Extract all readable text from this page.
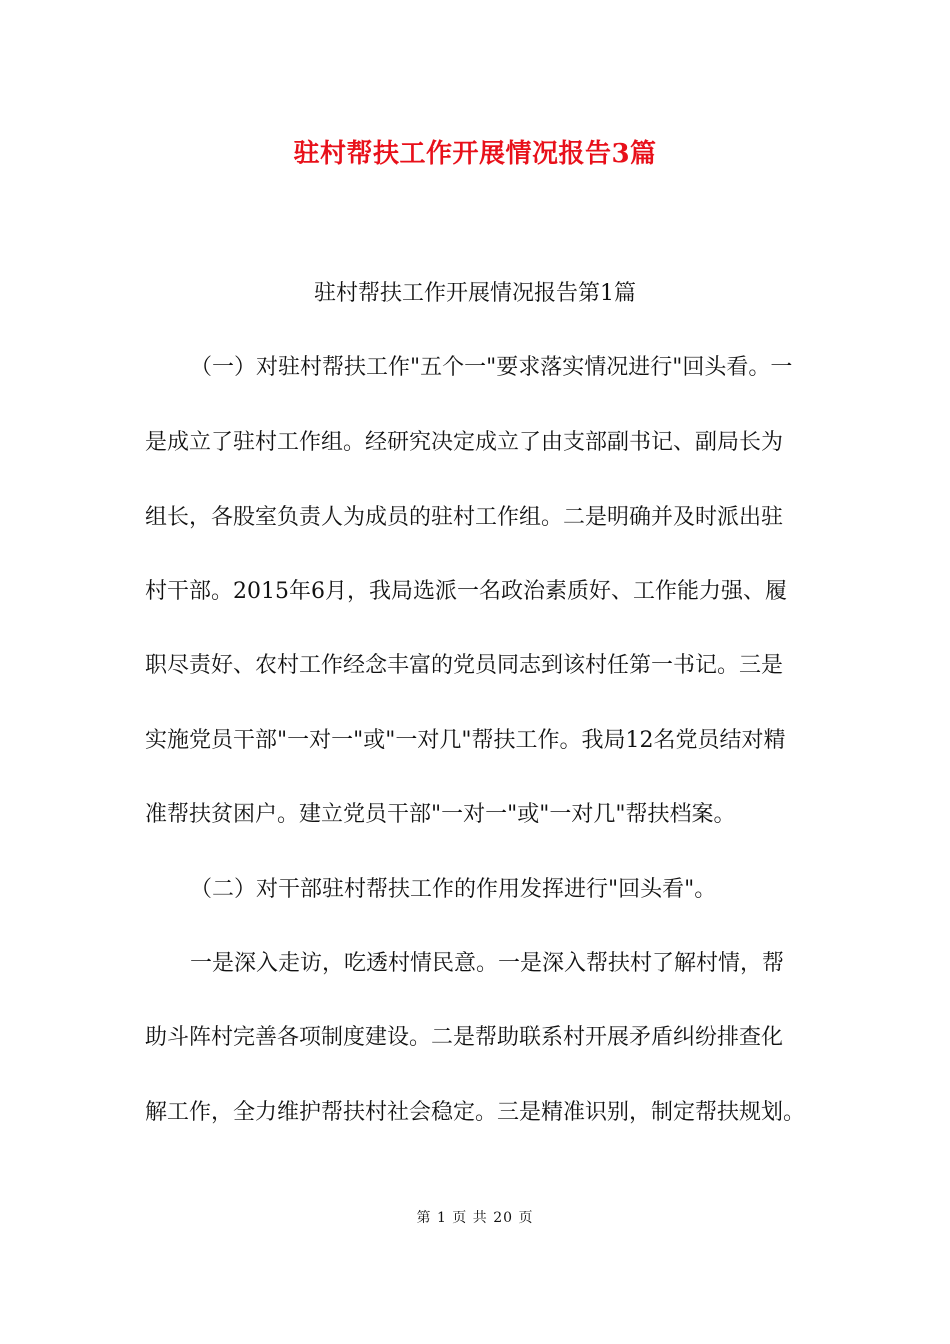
驻村帮扶工作开展情况报告3篇
驻村帮扶工作开展情况报告第1篇
（一）对驻村帮扶工作"五个一"要求落实情况进行"回头看。一
是成立了驻村工作组。经研究决定成立了由支部副书记、副局长为
组长，各股室负责人为成员的驻村工作组。二是明确并及时派出驻
村干部。2015年6月，我局选派一名政治素质好、工作能力强、履
职尽责好、农村工作经念丰富的党员同志到该村任第一书记。三是
实施党员干部"一对一"或"一对几"帮扶工作。我局12名党员结对精
准帮扶贫困户。建立党员干部"一对一"或"一对几"帮扶档案。
（二）对干部驻村帮扶工作的作用发挥进行"回头看"。
一是深入走访，吃透村情民意。一是深入帮扶村了解村情，帮
助斗阵村完善各项制度建设。二是帮助联系村开展矛盾纠纷排查化
解工作，全力维护帮扶村社会稳定。三是精准识别，制定帮扶规划。
第 1 页 共 20 页
